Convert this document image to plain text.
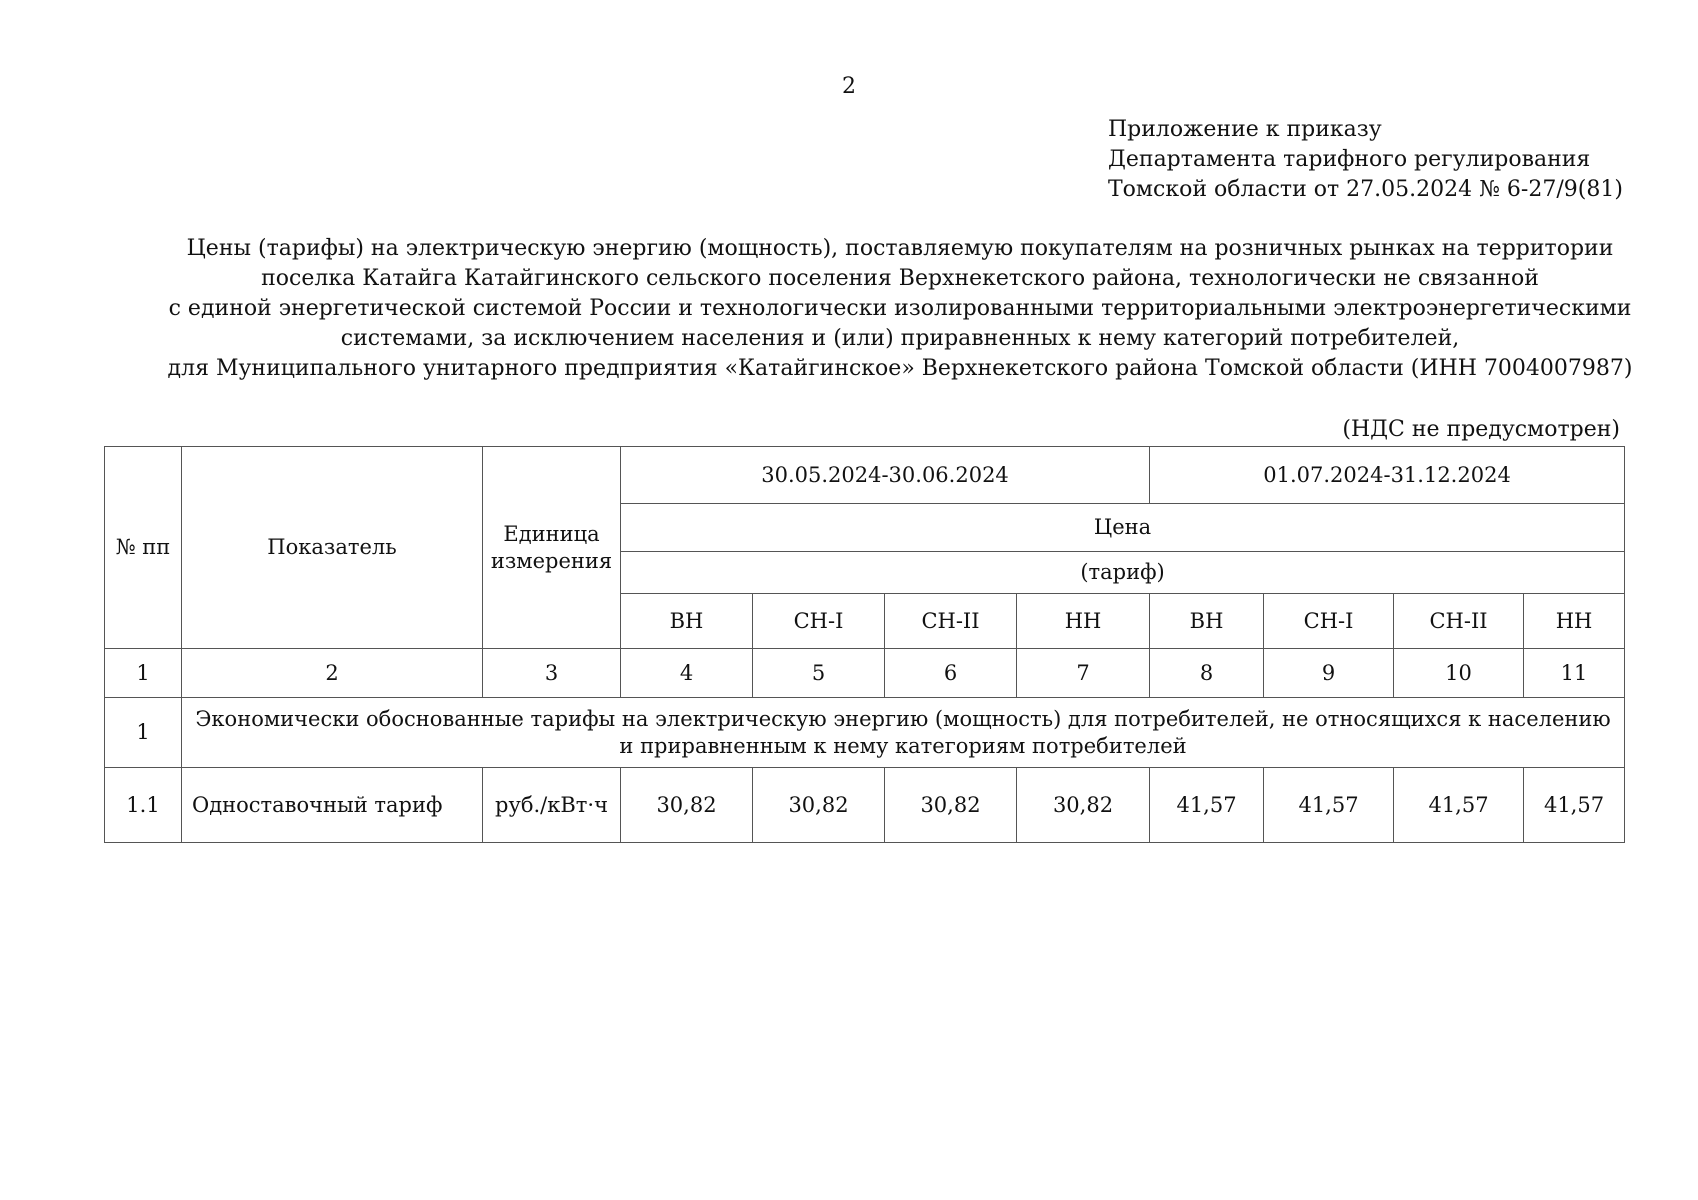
2
Приложение к приказу
Департамента тарифного регулирования
Томской области от 27.05.2024 № 6-27/9(81)
Цены (тарифы) на электрическую энергию (мощность), поставляемую покупателям на розничных рынках на территории
поселка Катайга Катайгинского сельского поселения Верхнекетского района, технологически не связанной
с единой энергетической системой России и технологически изолированными территориальными электроэнергетическими
системами, за исключением населения и (или) приравненных к нему категорий потребителей,
для Муниципального унитарного предприятия «Катайгинское» Верхнекетского района Томской области (ИНН 7004007987)
(НДС не предусмотрен)
№ пп	Показатель	Единица измерения	30.05.2024-30.06.2024				01.07.2024-31.12.2024			
			Цена							
			(тариф)							
			ВН	СН-I	СН-II	НН	ВН	СН-I	СН-II	НН
1	2	3	4	5	6	7	8	9	10	11
1	Экономически обоснованные тарифы на электрическую энергию (мощность) для потребителей, не относящихся к населению и приравненным к нему категориям потребителей									
1.1	Одноставочный тариф	руб./кВт·ч	30,82	30,82	30,82	30,82	41,57	41,57	41,57	41,57
